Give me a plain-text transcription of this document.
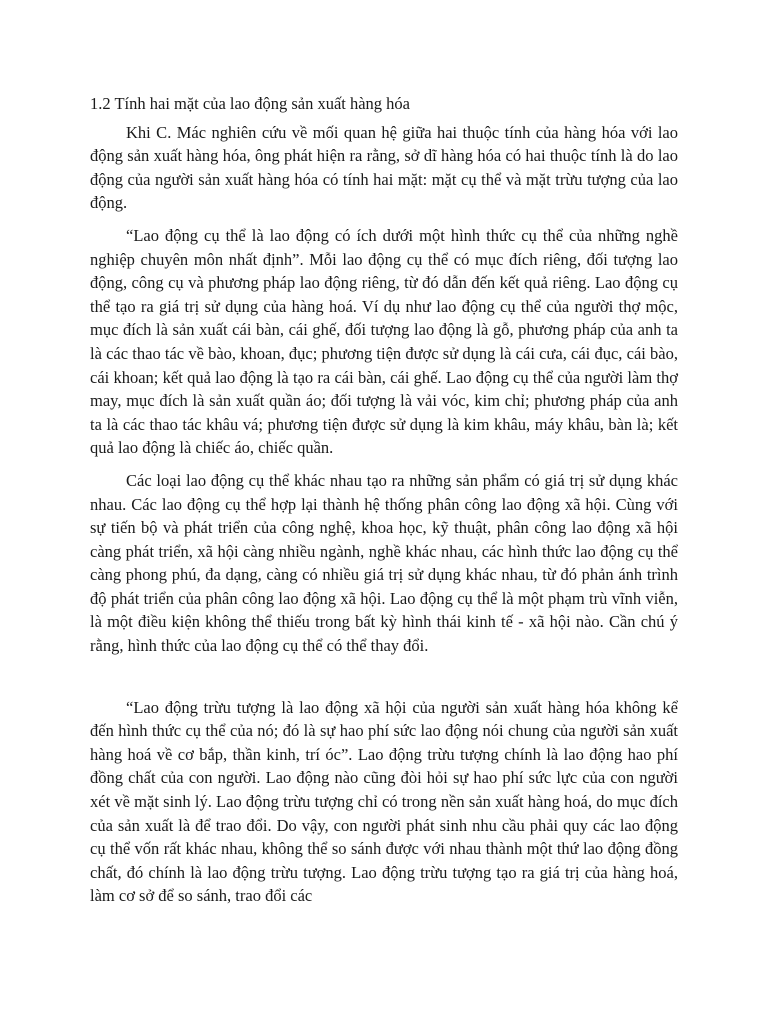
1.2 Tính hai mặt của lao động sản xuất hàng hóa

Khi C. Mác nghiên cứu về mối quan hệ giữa hai thuộc tính của hàng hóa với lao động sản xuất hàng hóa, ông phát hiện ra rằng, sở dĩ hàng hóa có hai thuộc tính là do lao động của người sản xuất hàng hóa có tính hai mặt: mặt cụ thể và mặt trừu tượng của lao động.

“Lao động cụ thể là lao động có ích dưới một hình thức cụ thể của những nghề nghiệp chuyên môn nhất định”. Mỗi lao động cụ thể có mục đích riêng, đối tượng lao động, công cụ và phương pháp lao động riêng, từ đó dẫn đến kết quả riêng. Lao động cụ thể tạo ra giá trị sử dụng của hàng hoá. Ví dụ như lao động cụ thể của người thợ mộc, mục đích là sản xuất cái bàn, cái ghế, đối tượng lao động là gỗ, phương pháp của anh ta là các thao tác về bào, khoan, đục; phương tiện được sử dụng là cái cưa, cái đục, cái bào, cái khoan; kết quả lao động là tạo ra cái bàn, cái ghế. Lao động cụ thể của người làm thợ may, mục đích là sản xuất quần áo; đối tượng là vải vóc, kim chỉ; phương pháp của anh ta là các thao tác khâu vá; phương tiện được sử dụng là kim khâu, máy khâu, bàn là; kết quả lao động là chiếc áo, chiếc quần.

Các loại lao động cụ thể khác nhau tạo ra những sản phẩm có giá trị sử dụng khác nhau. Các lao động cụ thể hợp lại thành hệ thống phân công lao động xã hội. Cùng với sự tiến bộ và phát triển của công nghệ, khoa học, kỹ thuật, phân công lao động xã hội càng phát triển, xã hội càng nhiều ngành, nghề khác nhau, các hình thức lao động cụ thể càng phong phú, đa dạng, càng có nhiều giá trị sử dụng khác nhau, từ đó phản ánh trình độ phát triển của phân công lao động xã hội. Lao động cụ thể là một phạm trù vĩnh viễn, là một điều kiện không thể thiếu trong bất kỳ hình thái kinh tế - xã hội nào. Cần chú ý rằng, hình thức của lao động cụ thể có thể thay đổi.

“Lao động trừu tượng là lao động xã hội của người sản xuất hàng hóa không kể đến hình thức cụ thể của nó; đó là sự hao phí sức lao động nói chung của người sản xuất hàng hoá về cơ bắp, thần kinh, trí óc”. Lao động trừu tượng chính là lao động hao phí đồng chất của con người. Lao động nào cũng đòi hỏi sự hao phí sức lực của con người xét về mặt sinh lý. Lao động trừu tượng chỉ có trong nền sản xuất hàng hoá, do mục đích của sản xuất là để trao đổi. Do vậy, con người phát sinh nhu cầu phải quy các lao động cụ thể vốn rất khác nhau, không thể so sánh được với nhau thành một thứ lao động đồng chất, đó chính là lao động trừu tượng. Lao động trừu tượng tạo ra giá trị của hàng hoá, làm cơ sở để so sánh, trao đổi các
